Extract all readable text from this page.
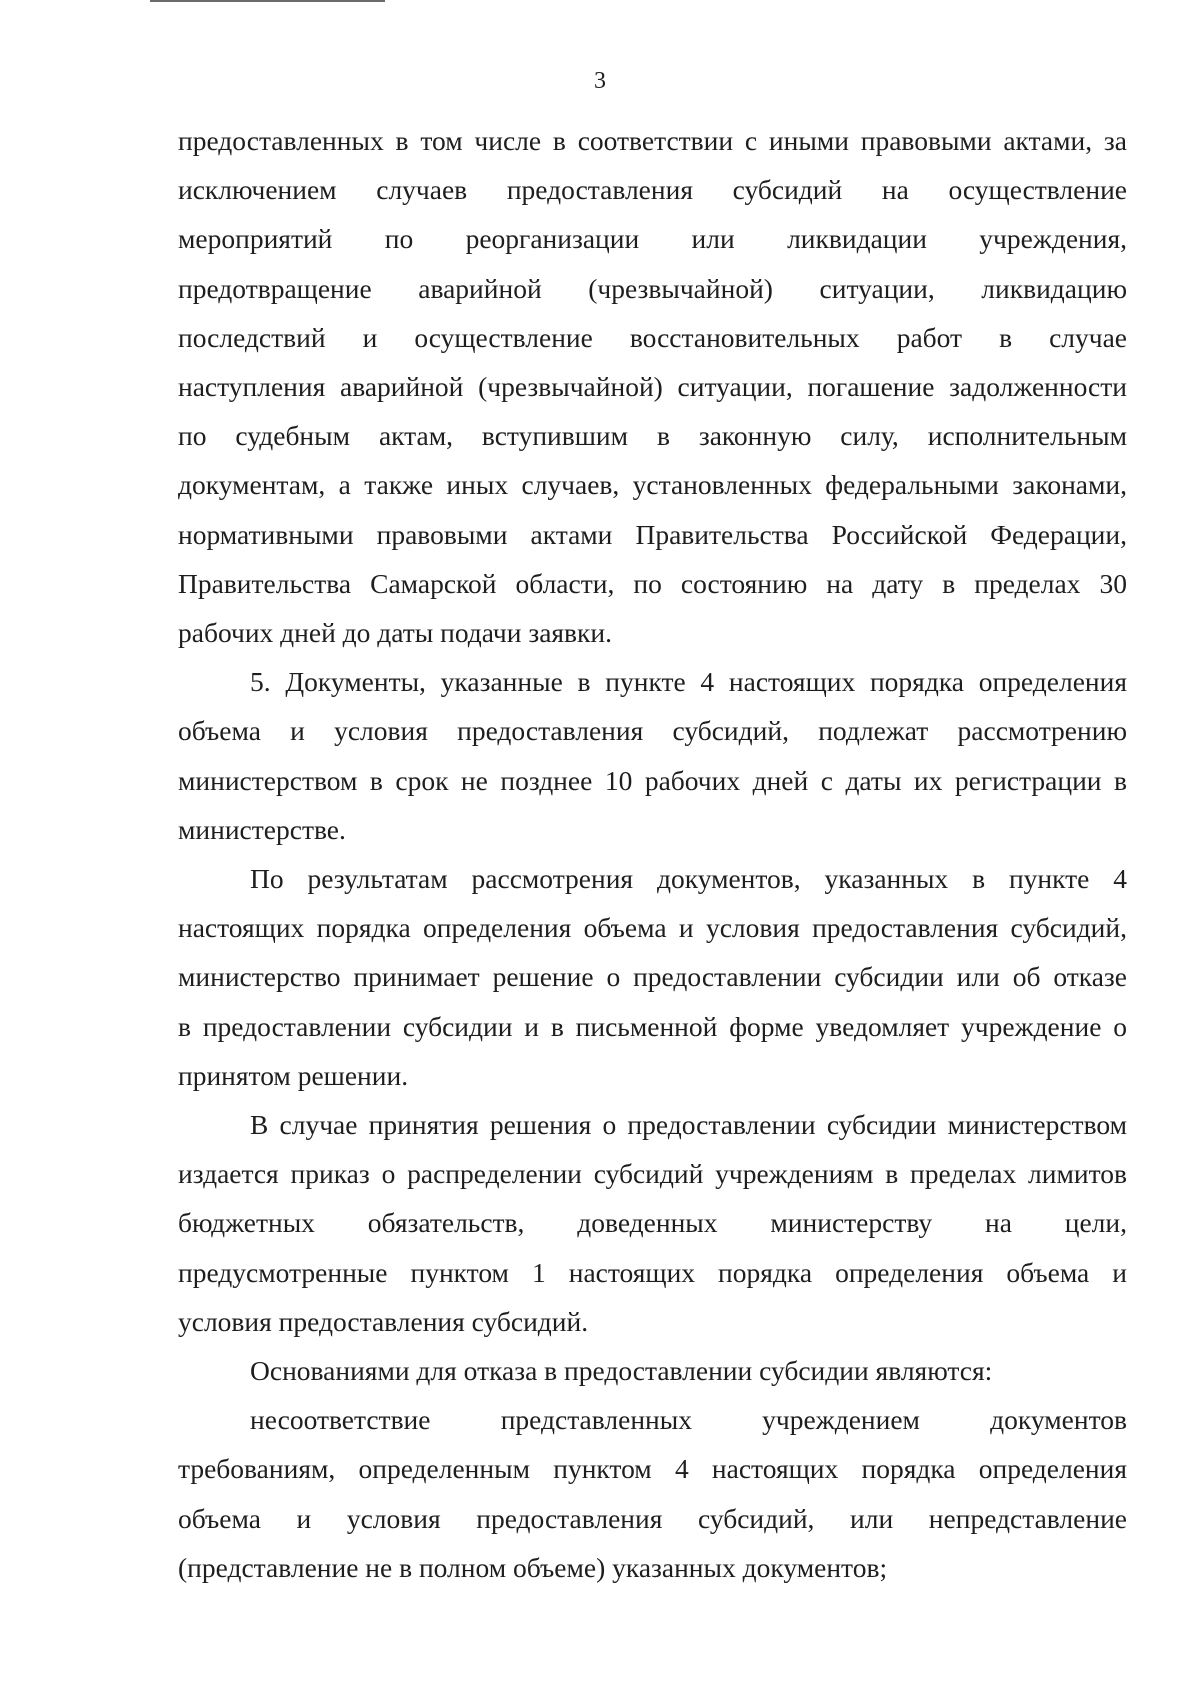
3

предоставленных в том числе в соответствии с иными правовыми актами, за

исключением случаев предоставления субсидий на осуществление

мероприятий по реорганизации или ликвидации учреждения,

предотвращение аварийной (чрезвычайной) ситуации, ликвидацию

последствий и осуществление восстановительных работ в случае

наступления аварийной (чрезвычайной) ситуации, погашение задолженности

по судебным актам, вступившим в законную силу, исполнительным

документам, а также иных случаев, установленных федеральными законами,

нормативными правовыми актами Правительства Российской Федерации,

Правительства Самарской области, по состоянию на дату в пределах 30

рабочих дней до даты подачи заявки.

5. Документы, указанные в пункте 4 настоящих порядка определения

объема и условия предоставления субсидий, подлежат рассмотрению

министерством в срок не позднее 10 рабочих дней с даты их регистрации в

министерстве.

По результатам рассмотрения документов, указанных в пункте 4

настоящих порядка определения объема и условия предоставления субсидий,

министерство принимает решение о предоставлении субсидии или об отказе

в предоставлении субсидии и в письменной форме уведомляет учреждение о

принятом решении.

В случае принятия решения о предоставлении субсидии министерством

издается приказ о распределении субсидий учреждениям в пределах лимитов

бюджетных обязательств, доведенных министерству на цели,

предусмотренные пунктом 1 настоящих порядка определения объема и

условия предоставления субсидий.

Основаниями для отказа в предоставлении субсидии являются:

несоответствие представленных учреждением документов

требованиям, определенным пунктом 4 настоящих порядка определения

объема и условия предоставления субсидий, или непредставление

(представление не в полном объеме) указанных документов;
